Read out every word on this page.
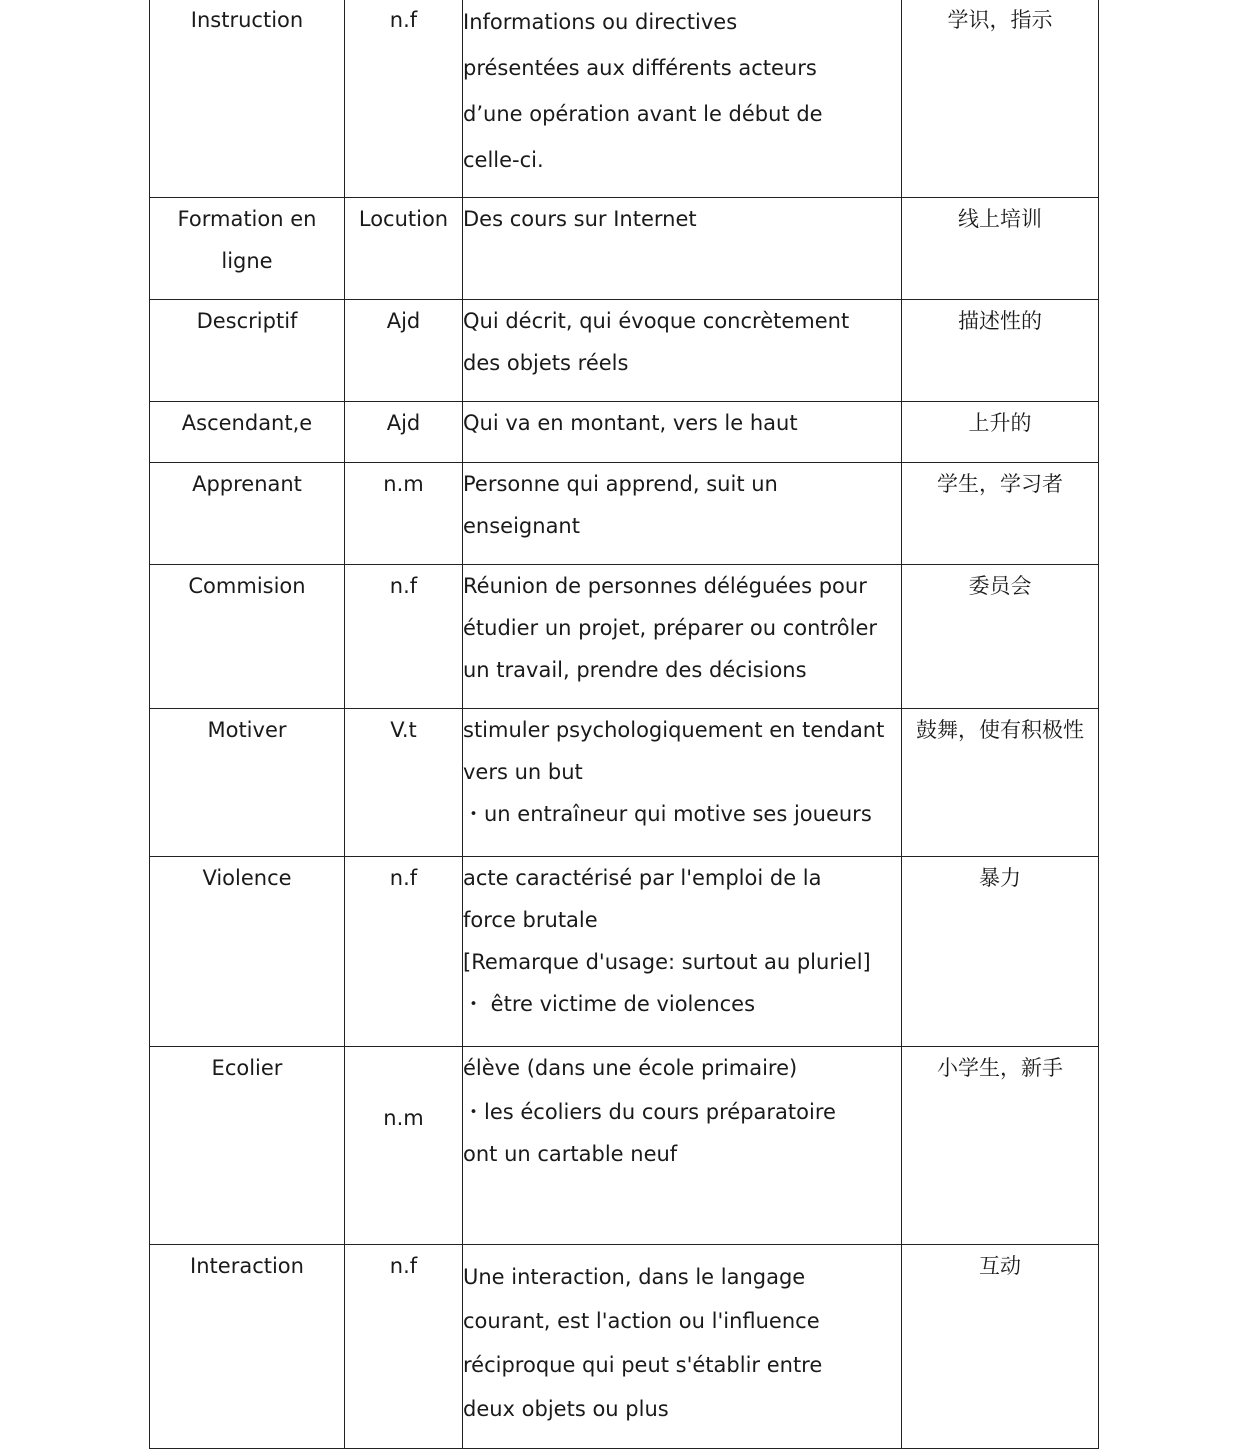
Instruction	n.f	Informations ou directives
présentées aux différents acteurs
d’une opération avant le début de
celle-ci.	学识，指示
Formation en ligne	Locution	Des cours sur Internet	线上培训
Descriptif	Ajd	Qui décrit, qui évoque concrètement
des objets réels	描述性的
Ascendant,e	Ajd	Qui va en montant, vers le haut	上升的
Apprenant	n.m	Personne qui apprend, suit un
enseignant	学生，学习者
Commision	n.f	Réunion de personnes déléguées pour
étudier un projet, préparer ou contrôler
un travail, prendre des décisions	委员会
Motiver	V.t	stimuler psychologiquement en tendant
vers un but
・un entraîneur qui motive ses joueurs	鼓舞，使有积极性
Violence	n.f	acte caractérisé par l'emploi de la
force brutale
[Remarque d'usage: surtout au pluriel]
・ être victime de violences	暴力
Ecolier	n.m	élève (dans une école primaire)
・les écoliers du cours préparatoire
ont un cartable neuf	小学生，新手
Interaction	n.f	Une interaction, dans le langage
courant, est l'action ou l'influence
réciproque qui peut s'établir entre
deux objets ou plus	互动
